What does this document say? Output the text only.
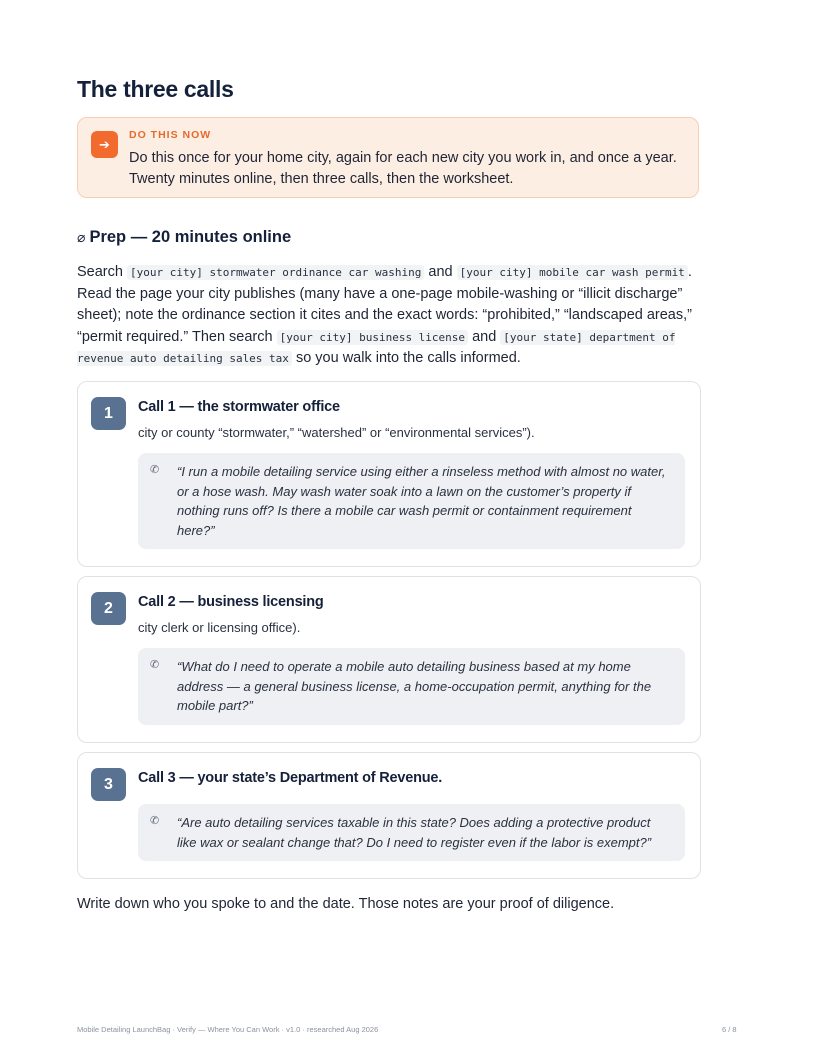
The three calls
➔
DO THIS NOW
Do this once for your home city, again for each new city you work in, and once a year. Twenty minutes online, then three calls, then the worksheet.
⌀ Prep — 20 minutes online
Search [your city] stormwater ordinance car washing and [your city] mobile car wash permit . Read the page your city publishes (many have a one-page mobile-washing or “illicit discharge” sheet); note the ordinance section it cites and the exact words: “prohibited,” “landscaped areas,” “permit required.” Then search [your city] business license and [your state] department of revenue auto detailing sales tax so you walk into the calls informed.
1	Call 1 — the stormwater office
city or county “stormwater,” “watershed” or “environmental services”).
✆ “I run a mobile detailing service using either a rinseless method with almost no water, or a hose wash. May wash water soak into a lawn on the customer’s property if nothing runs off? Is there a mobile car wash permit or containment requirement here?”
2	Call 2 — business licensing
city clerk or licensing office).
✆ “What do I need to operate a mobile auto detailing business based at my home address — a general business license, a home-occupation permit, anything for the mobile part?”
3	Call 3 — your state’s Department of Revenue.
✆ “Are auto detailing services taxable in this state? Does adding a protective product like wax or sealant change that? Do I need to register even if the labor is exempt?”
Write down who you spoke to and the date. Those notes are your proof of diligence.
Mobile Detailing LaunchBag · Verify — Where You Can Work · v1.0 · researched Aug 2026	6 / 8
